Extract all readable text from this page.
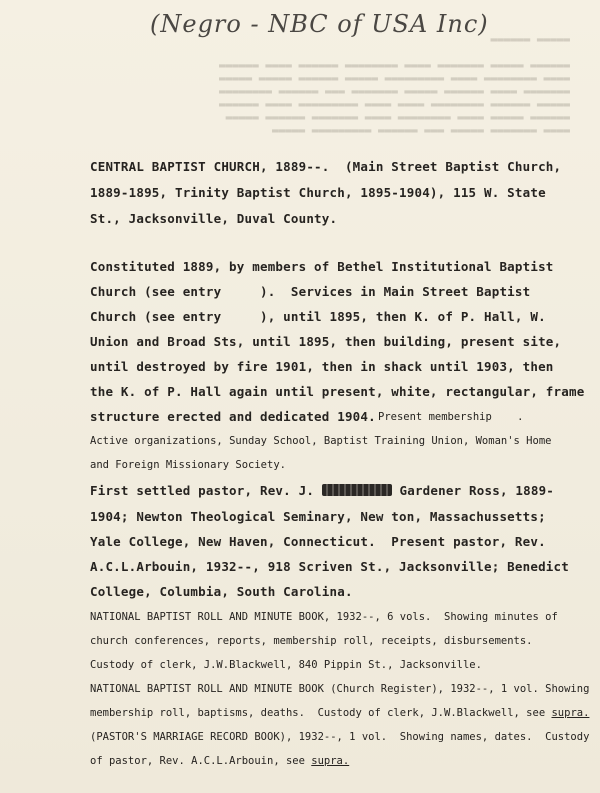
▬▬▬▬ ▬▬▬▬▬▬▬ ▬▬▬▬▬ ▬▬▬ ▬▬▬▬▬▬ ▬▬▬▬▬▬▬▬▬ ▬▬▬▬▬
▬▬▬▬▬▬ ▬▬▬▬▬ ▬▬▬▬ ▬▬▬▬▬▬▬▬ ▬▬▬▬ ▬▬▬▬▬▬▬ ▬▬▬▬▬▬ ▬▬▬▬▬
▬▬▬▬▬ ▬▬▬▬▬▬ ▬▬▬▬▬▬▬▬ ▬▬▬▬ ▬▬▬▬ ▬▬▬▬▬▬▬▬▬ ▬▬▬▬ ▬▬▬▬▬▬
▬▬▬▬▬▬▬ ▬▬▬▬ ▬▬▬▬▬▬ ▬▬▬▬▬ ▬▬▬▬▬▬▬ ▬▬▬ ▬▬▬▬▬▬ ▬▬▬▬▬▬▬▬
▬▬▬▬ ▬▬▬▬▬▬▬▬ ▬▬▬▬ ▬▬▬▬▬▬▬▬▬ ▬▬▬▬▬ ▬▬▬▬▬▬ ▬▬▬▬▬ ▬▬▬▬▬
▬▬▬▬▬▬ ▬▬▬▬▬ ▬▬▬▬▬▬▬ ▬▬▬▬ ▬▬▬▬▬▬▬▬ ▬▬▬▬▬▬ ▬▬▬▬ ▬▬▬▬▬▬

▬▬▬▬▬ ▬▬▬▬▬▬
(Negro - NBC of USA Inc)
CENTRAL BAPTIST CHURCH, 1889--.  (Main Street Baptist Church,
1889-1895, Trinity Baptist Church, 1895-1904), 115 W. State
St., Jacksonville, Duval County.
Constituted 1889, by members of Bethel Institutional Baptist
Church (see entry     ).  Services in Main Street Baptist
Church (see entry     ), until 1895, then K. of P. Hall, W.
Union and Broad Sts, until 1895, then building, present site,
until destroyed by fire 1901, then in shack until 1903, then
the K. of P. Hall again until present, white, rectangular, frame
structure erected and dedicated 1904. Present membership    .
Active organizations, Sunday School, Baptist Training Union, Woman's Home
and Foreign Missionary Society.
First settled pastor, Rev. J.	Gardener Ross, 1889-
1904; Newton Theological Seminary, New ton, Massachussetts;
Yale College, New Haven, Connecticut.  Present pastor, Rev.
A.C.L.Arbouin, 1932--, 918 Scriven St., Jacksonville; Benedict
College, Columbia, South Carolina.
NATIONAL BAPTIST ROLL AND MINUTE BOOK, 1932--, 6 vols.  Showing minutes of
church conferences, reports, membership roll, receipts, disbursements.
Custody of clerk, J.W.Blackwell, 840 Pippin St., Jacksonville.
NATIONAL BAPTIST ROLL AND MINUTE BOOK (Church Register), 1932--, 1 vol. Showing
membership roll, baptisms, deaths.  Custody of clerk, J.W.Blackwell, see supra.
(PASTOR'S MARRIAGE RECORD BOOK), 1932--, 1 vol.  Showing names, dates.  Custody
of pastor, Rev. A.C.L.Arbouin, see supra.
